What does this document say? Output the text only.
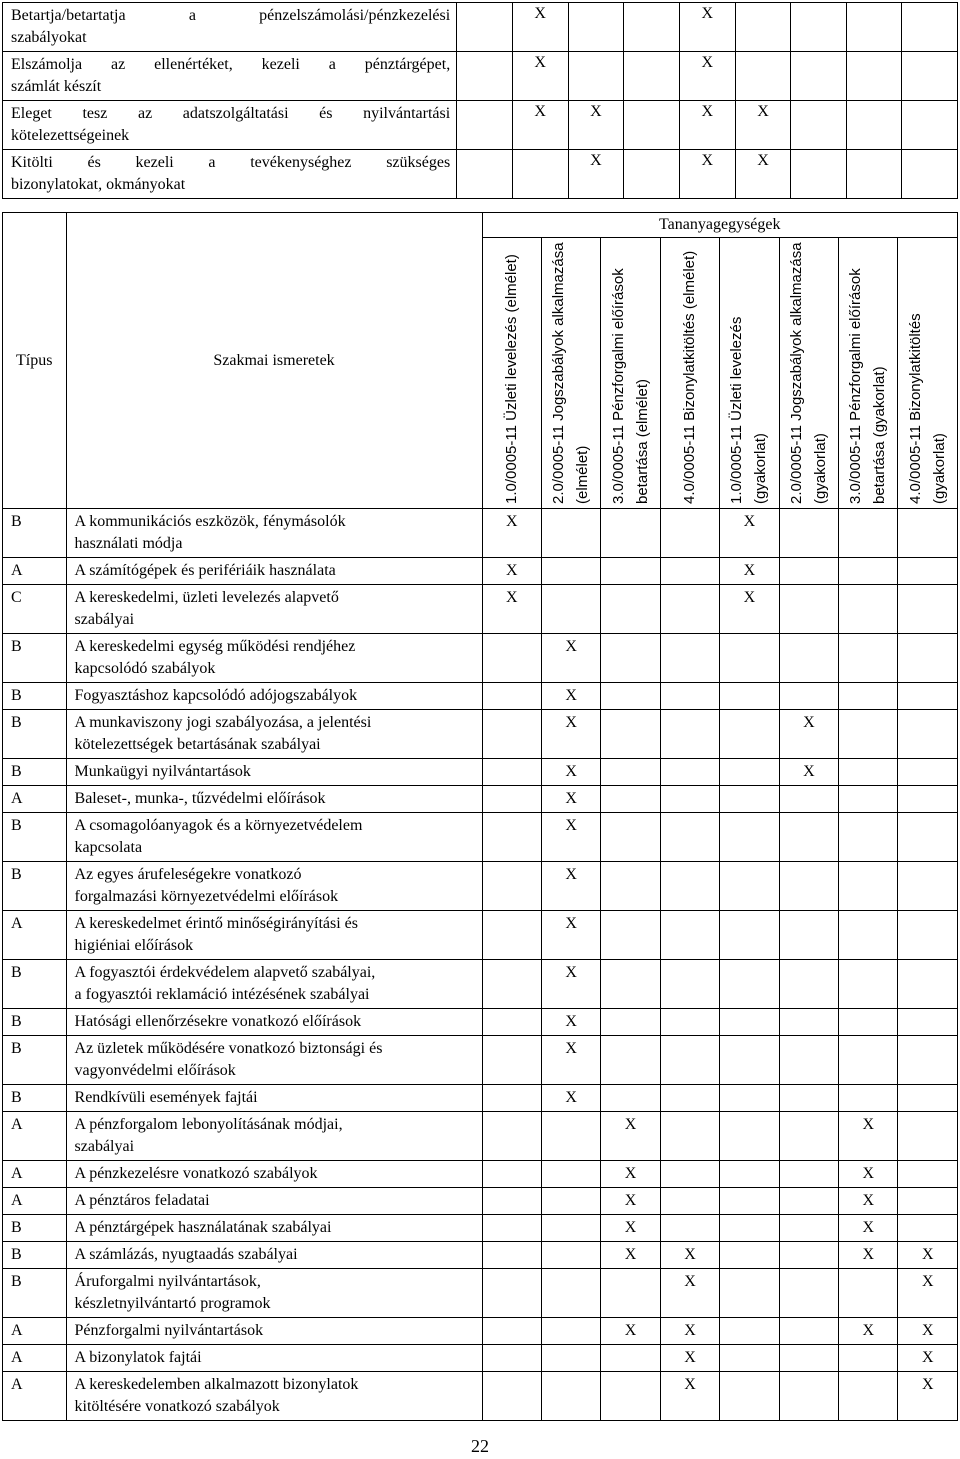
Betartja/betartatja a pénzelszámolási/pénzkezelési
szabályokat		X			X				

Elszámolja az ellenértéket, kezeli a pénztárgépet,
számlát készít		X			X				

Eleget tesz az adatszolgáltatási és nyilvántartási
kötelezettségeinek		X	X		X	X			

Kitölti és kezeli a tevékenységhez szükséges
bizonylatokat, okmányokat			X		X	X			
Típus	Szakmai ismeretek	Tananyagegységek							

		1.0/0005-11 Üzleti levelezés (elmélet)	2.0/0005-11 Jogszabályok alkalmazása (elmélet)	3.0/0005-11 Pénzforgalmi előírások betartása (elmélet)	4.0/0005-11 Bizonylatkitöltés (elmélet)	1.0/0005-11 Üzleti levelezés (gyakorlat)	2.0/0005-11 Jogszabályok alkalmazása (gyakorlat)	3.0/0005-11 Pénzforgalmi előírások betartása (gyakorlat)	4.0/0005-11 Bizonylatkitöltés (gyakorlat)

B	A kommunikációs eszközök, fénymásolók
használati módja	X				X			
A	A számítógépek és perifériáik használata	X				X			
C	A kereskedelmi, üzleti levelezés alapvető
szabályai	X				X			
B	A kereskedelmi egység működési rendjéhez
kapcsolódó szabályok		X						
B	Fogyasztáshoz kapcsolódó adójogszabályok		X						
B	A munkaviszony jogi szabályozása, a jelentési
kötelezettségek betartásának szabályai		X				X		
B	Munkaügyi nyilvántartások		X				X		
A	Baleset-, munka-, tűzvédelmi előírások		X						
B	A csomagolóanyagok és a környezetvédelem
kapcsolata		X						
B	Az egyes árufeleségekre vonatkozó
forgalmazási környezetvédelmi előírások		X						
A	A kereskedelmet érintő minőségirányítási és
higiéniai előírások		X						
B	A fogyasztói érdekvédelem alapvető szabályai,
a fogyasztói reklamáció intézésének szabályai		X						
B	Hatósági ellenőrzésekre vonatkozó előírások		X						
B	Az üzletek működésére vonatkozó biztonsági és
vagyonvédelmi előírások		X						
B	Rendkívüli események fajtái		X						
A	A pénzforgalom lebonyolításának módjai,
szabályai			X				X	
A	A pénzkezelésre vonatkozó szabályok			X				X	
A	A pénztáros feladatai			X				X	
B	A pénztárgépek használatának szabályai			X				X	
B	A számlázás, nyugtaadás szabályai			X	X			X	X
B	Áruforgalmi nyilvántartások,
készletnyilvántartó programok				X				X
A	Pénzforgalmi nyilvántartások			X	X			X	X
A	A bizonylatok fajtái				X				X
A	A kereskedelemben alkalmazott bizonylatok
kitöltésére vonatkozó szabályok				X				X
22
